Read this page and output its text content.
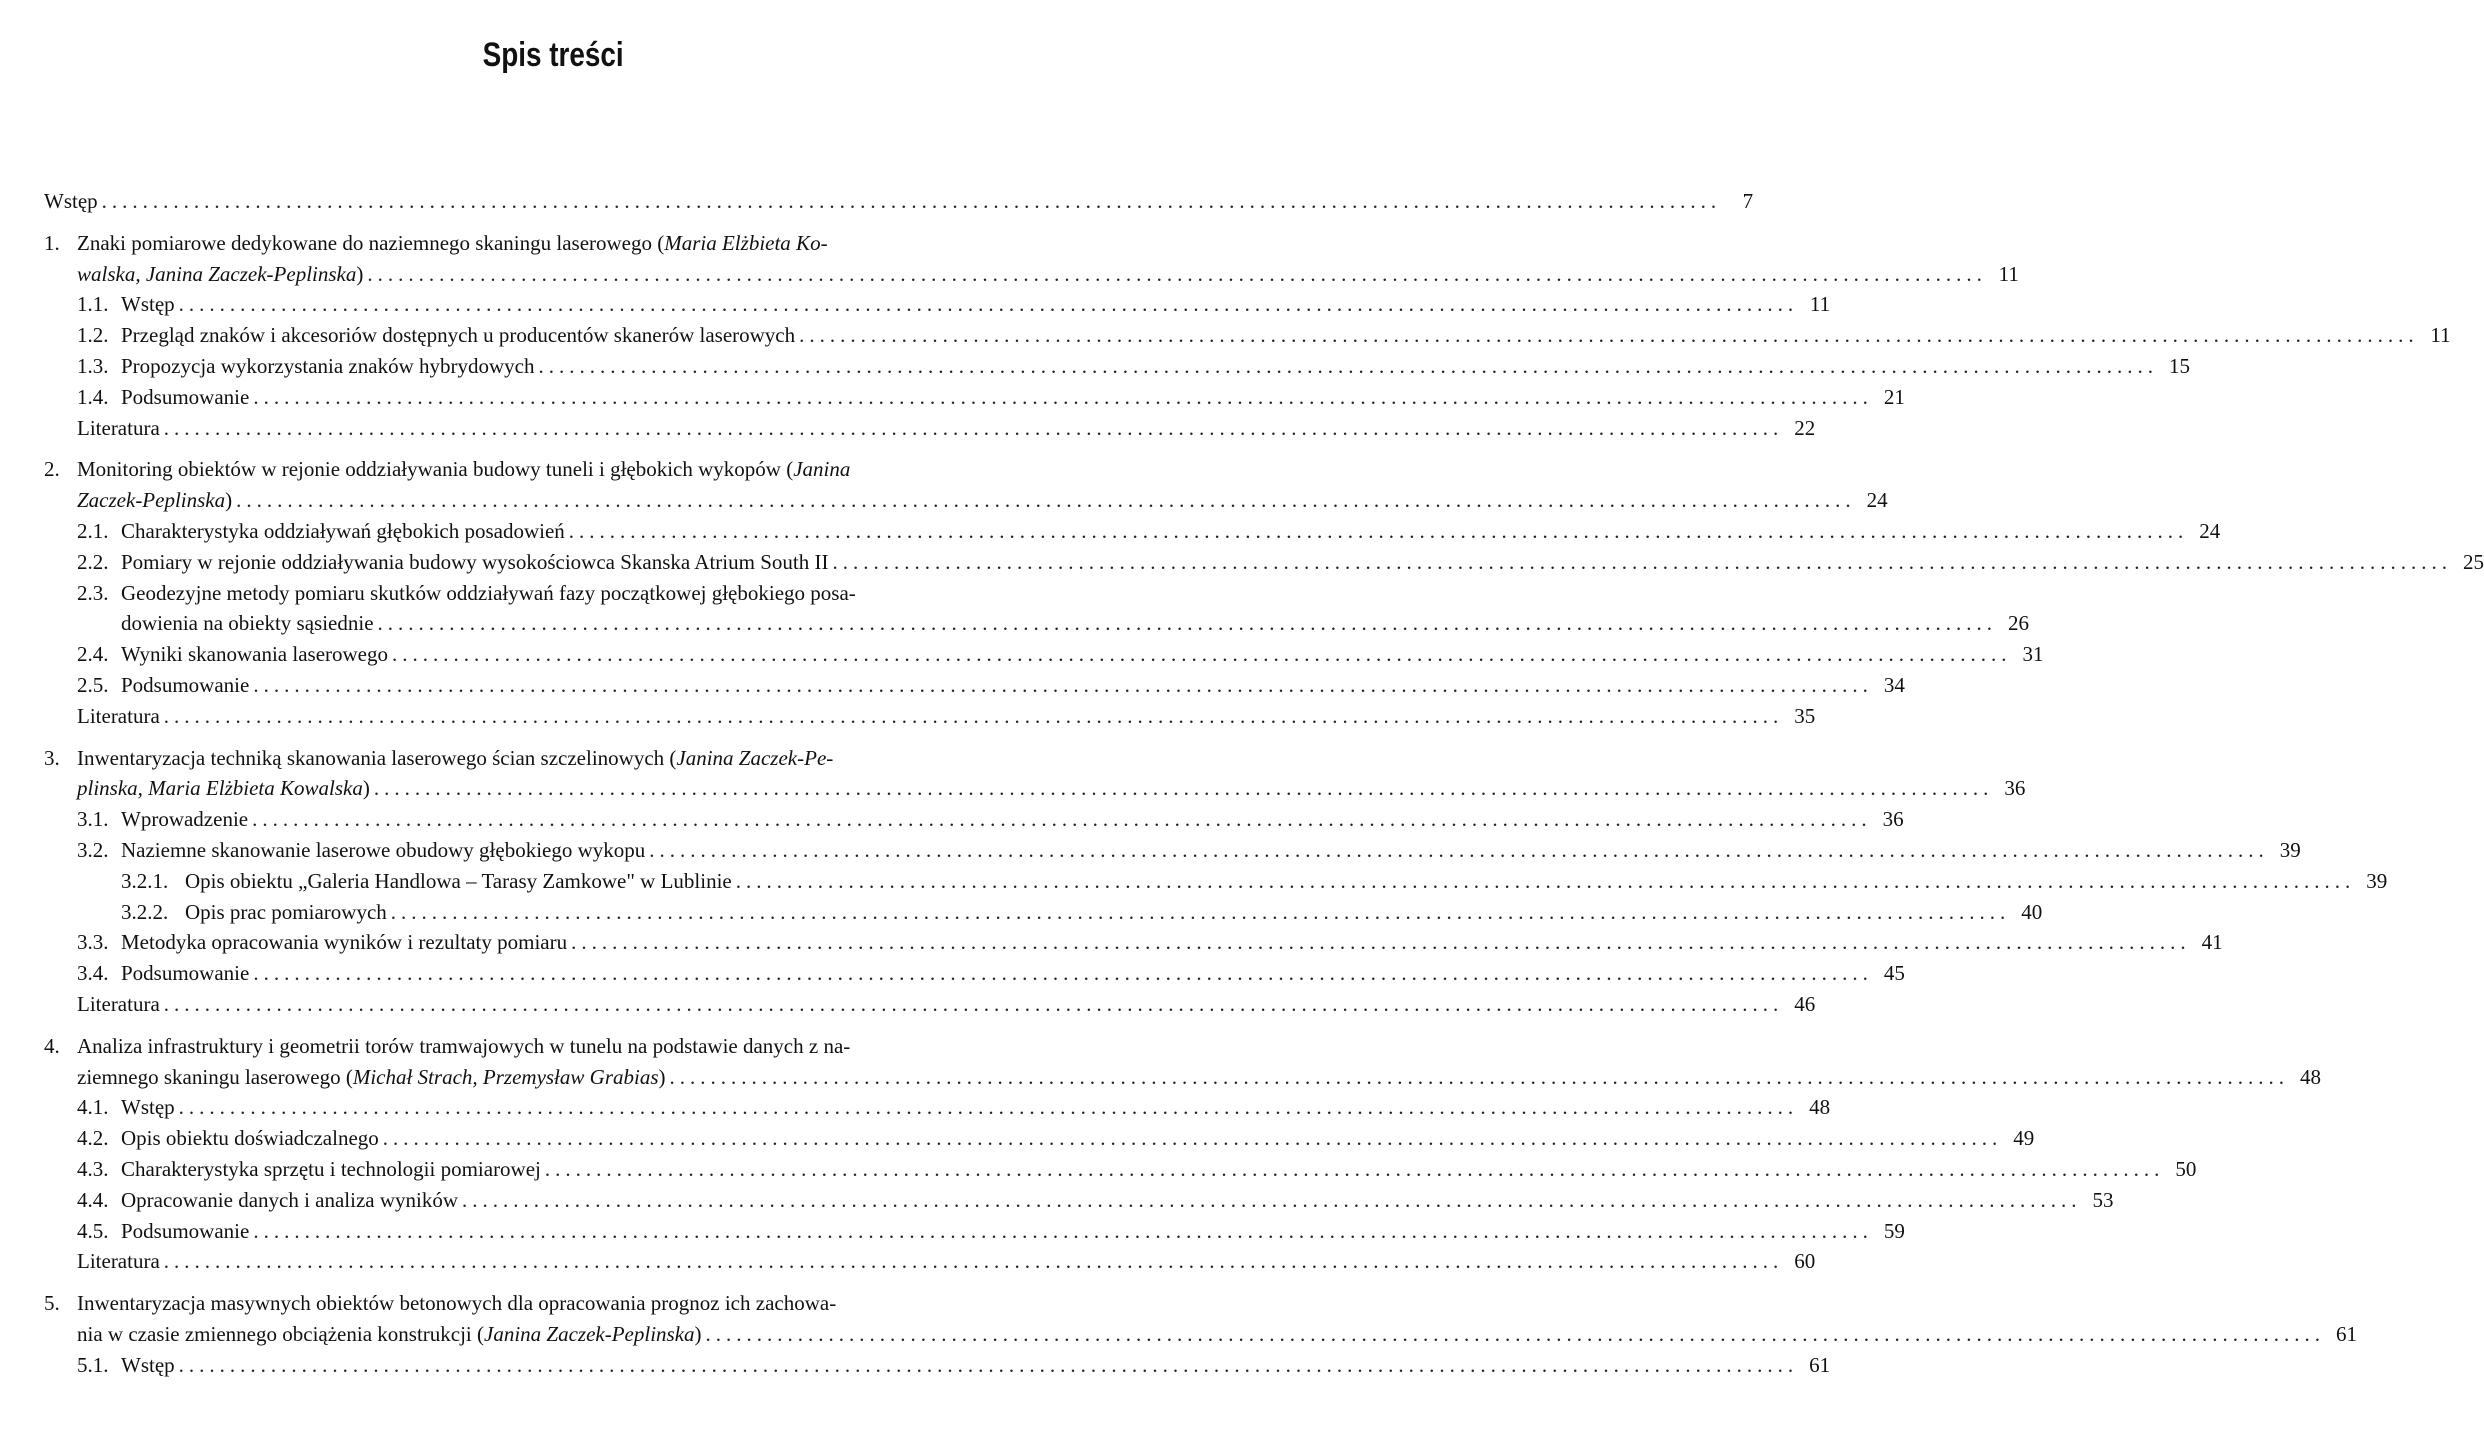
Spis treści
Wstęp ..............................................................................................................................................................	7
1. Znaki pomiarowe dedykowane do naziemnego skaningu laserowego ( Maria Elżbieta Ko-
walska, Janina Zaczek-Peplinska ) .............................................................................................................................................................. 11
1.1. Wstęp .............................................................................................................................................................. 11
1.2. Przegląd znaków i akcesoriów dostępnych u producentów skanerów laserowych .............................................................................................................................................................. 11
1.3. Propozycja wykorzystania znaków hybrydowych .............................................................................................................................................................. 15
1.4. Podsumowanie .............................................................................................................................................................. 21
Literatura .............................................................................................................................................................. 22
2. Monitoring obiektów w rejonie oddziaływania budowy tuneli i głębokich wykopów ( Janina
Zaczek-Peplinska ) .............................................................................................................................................................. 24
2.1. Charakterystyka oddziaływań głębokich posadowień .............................................................................................................................................................. 24
2.2. Pomiary w rejonie oddziaływania budowy wysokościowca Skanska Atrium South II .............................................................................................................................................................. 25
2.3. Geodezyjne metody pomiaru skutków oddziaływań fazy początkowej głębokiego posa-
dowienia na obiekty sąsiednie .............................................................................................................................................................. 26
2.4. Wyniki skanowania laserowego .............................................................................................................................................................. 31
2.5. Podsumowanie .............................................................................................................................................................. 34
Literatura .............................................................................................................................................................. 35
3. Inwentaryzacja techniką skanowania laserowego ścian szczelinowych ( Janina Zaczek-Pe-
plinska, Maria Elżbieta Kowalska ) .............................................................................................................................................................. 36
3.1. Wprowadzenie .............................................................................................................................................................. 36
3.2. Naziemne skanowanie laserowe obudowy głębokiego wykopu .............................................................................................................................................................. 39
3.2.1. Opis obiektu „Galeria Handlowa – Tarasy Zamkowe" w Lublinie .............................................................................................................................................................. 39
3.2.2. Opis prac pomiarowych .............................................................................................................................................................. 40
3.3. Metodyka opracowania wyników i rezultaty pomiaru .............................................................................................................................................................. 41
3.4. Podsumowanie .............................................................................................................................................................. 45
Literatura .............................................................................................................................................................. 46
4. Analiza infrastruktury i geometrii torów tramwajowych w tunelu na podstawie danych z na-
ziemnego skaningu laserowego ( Michał Strach, Przemysław Grabias ) .............................................................................................................................................................. 48
4.1. Wstęp .............................................................................................................................................................. 48
4.2. Opis obiektu doświadczalnego .............................................................................................................................................................. 49
4.3. Charakterystyka sprzętu i technologii pomiarowej .............................................................................................................................................................. 50
4.4. Opracowanie danych i analiza wyników .............................................................................................................................................................. 53
4.5. Podsumowanie .............................................................................................................................................................. 59
Literatura .............................................................................................................................................................. 60
5. Inwentaryzacja masywnych obiektów betonowych dla opracowania prognoz ich zachowa-
nia w czasie zmiennego obciążenia konstrukcji ( Janina Zaczek-Peplinska ) .............................................................................................................................................................. 61
5.1. Wstęp .............................................................................................................................................................. 61
